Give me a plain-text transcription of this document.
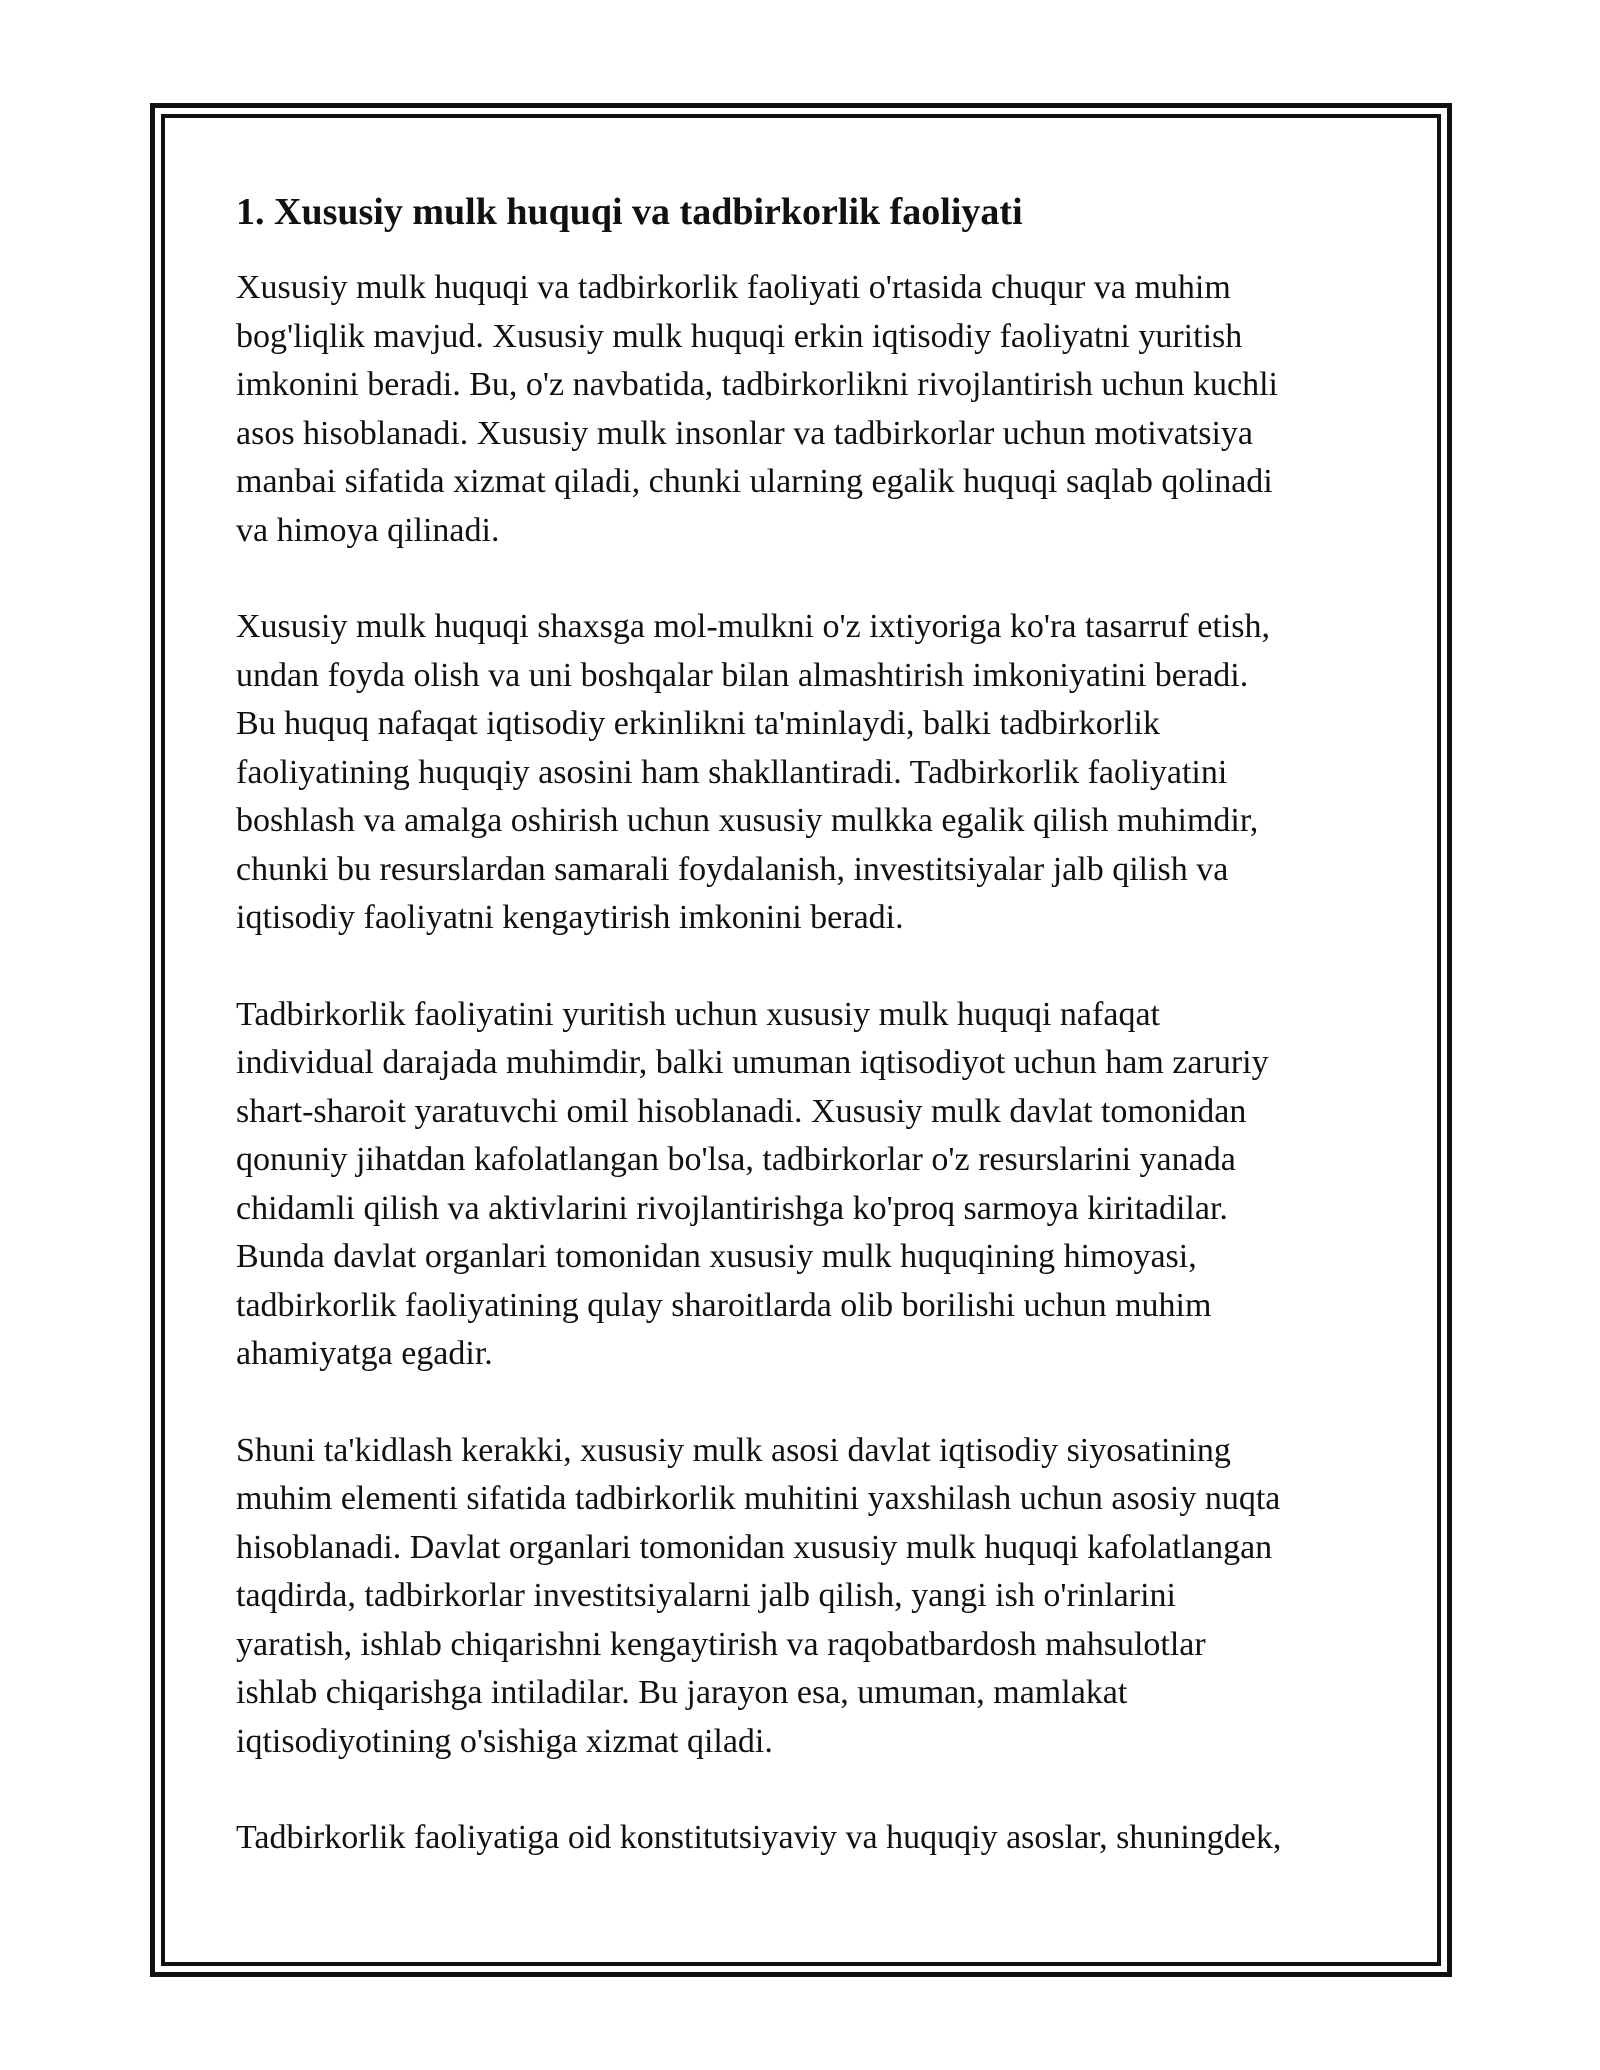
1. Xususiy mulk huquqi va tadbirkorlik faoliyati

Xususiy mulk huquqi va tadbirkorlik faoliyati o'rtasida chuqur va muhim
bog'liqlik mavjud. Xususiy mulk huquqi erkin iqtisodiy faoliyatni yuritish
imkonini beradi. Bu, o'z navbatida, tadbirkorlikni rivojlantirish uchun kuchli
asos hisoblanadi. Xususiy mulk insonlar va tadbirkorlar uchun motivatsiya
manbai sifatida xizmat qiladi, chunki ularning egalik huquqi saqlab qolinadi
va himoya qilinadi.

Xususiy mulk huquqi shaxsga mol-mulkni o'z ixtiyoriga ko'ra tasarruf etish,
undan foyda olish va uni boshqalar bilan almashtirish imkoniyatini beradi.
Bu huquq nafaqat iqtisodiy erkinlikni ta'minlaydi, balki tadbirkorlik
faoliyatining huquqiy asosini ham shakllantiradi. Tadbirkorlik faoliyatini
boshlash va amalga oshirish uchun xususiy mulkka egalik qilish muhimdir,
chunki bu resurslardan samarali foydalanish, investitsiyalar jalb qilish va
iqtisodiy faoliyatni kengaytirish imkonini beradi.

Tadbirkorlik faoliyatini yuritish uchun xususiy mulk huquqi nafaqat
individual darajada muhimdir, balki umuman iqtisodiyot uchun ham zaruriy
shart-sharoit yaratuvchi omil hisoblanadi. Xususiy mulk davlat tomonidan
qonuniy jihatdan kafolatlangan bo'lsa, tadbirkorlar o'z resurslarini yanada
chidamli qilish va aktivlarini rivojlantirishga ko'proq sarmoya kiritadilar.
Bunda davlat organlari tomonidan xususiy mulk huquqining himoyasi,
tadbirkorlik faoliyatining qulay sharoitlarda olib borilishi uchun muhim
ahamiyatga egadir.

Shuni ta'kidlash kerakki, xususiy mulk asosi davlat iqtisodiy siyosatining
muhim elementi sifatida tadbirkorlik muhitini yaxshilash uchun asosiy nuqta
hisoblanadi. Davlat organlari tomonidan xususiy mulk huquqi kafolatlangan
taqdirda, tadbirkorlar investitsiyalarni jalb qilish, yangi ish o'rinlarini
yaratish, ishlab chiqarishni kengaytirish va raqobatbardosh mahsulotlar
ishlab chiqarishga intiladilar. Bu jarayon esa, umuman, mamlakat
iqtisodiyotining o'sishiga xizmat qiladi.

Tadbirkorlik faoliyatiga oid konstitutsiyaviy va huquqiy asoslar, shuningdek,
